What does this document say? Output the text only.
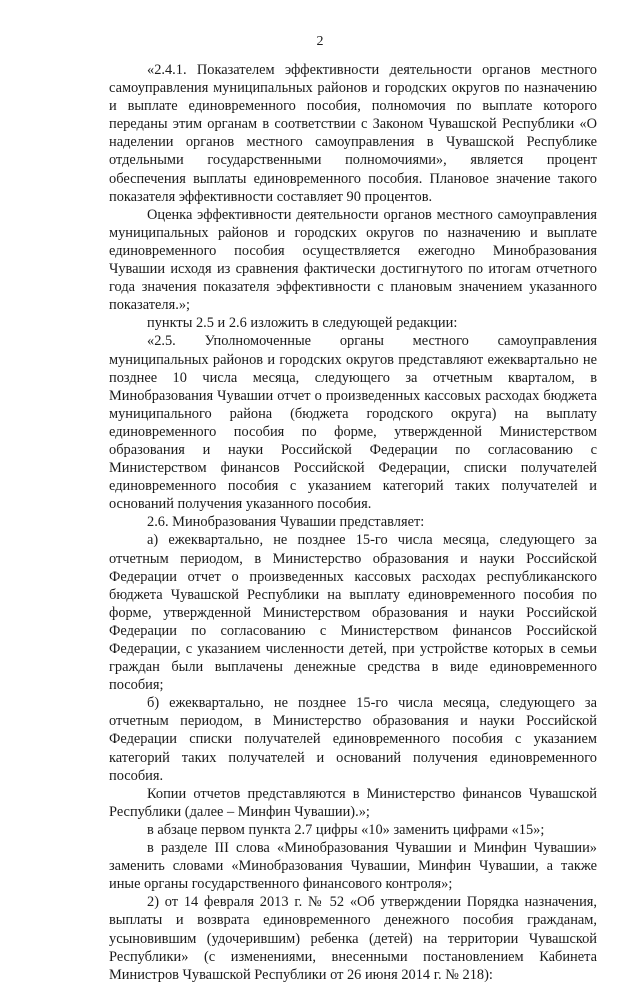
2

«2.4.1. Показателем эффективности деятельности органов местного самоуправления муниципальных районов и городских округов по назначению и выплате единовременного пособия, полномочия по выплате которого переданы этим органам в соответствии с Законом Чувашской Республики «О наделении органов местного самоуправления в Чувашской Республике отдельными государственными полномочиями», является процент обеспечения выплаты единовременного пособия. Плановое значение такого показателя эффективности составляет 90 процентов.

Оценка эффективности деятельности органов местного самоуправления муниципальных районов и городских округов по назначению и выплате единовременного пособия осуществляется ежегодно Минобразования Чувашии исходя из сравнения фактически достигнутого по итогам отчетного года значения показателя эффективности с плановым значением указанного показателя.»;

пункты 2.5 и 2.6 изложить в следующей редакции:

«2.5. Уполномоченные органы местного самоуправления муниципальных районов и городских округов представляют ежеквартально не позднее 10 числа месяца, следующего за отчетным кварталом, в Минобразования Чувашии отчет о произведенных кассовых расходах бюджета муниципального района (бюджета городского округа) на выплату единовременного пособия по форме, утвержденной Министерством образования и науки Российской Федерации по согласованию с Министерством финансов Российской Федерации, списки получателей единовременного пособия с указанием категорий таких получателей и оснований получения указанного пособия.

2.6. Минобразования Чувашии представляет:

а) ежеквартально, не позднее 15-го числа месяца, следующего за отчетным периодом, в Министерство образования и науки Российской Федерации отчет о произведенных кассовых расходах республиканского бюджета Чувашской Республики на выплату единовременного пособия по форме, утвержденной Министерством образования и науки Российской Федерации по согласованию с Министерством финансов Российской Федерации, с указанием численности детей, при устройстве которых в семьи граждан были выплачены денежные средства в виде единовременного пособия;

б) ежеквартально, не позднее 15-го числа месяца, следующего за отчетным периодом, в Министерство образования и науки Российской Федерации списки получателей единовременного пособия с указанием категорий таких получателей и оснований получения единовременного пособия.

Копии отчетов представляются в Министерство финансов Чувашской Республики (далее – Минфин Чувашии).»;

в абзаце первом пункта 2.7 цифры «10» заменить цифрами «15»;

в разделе III слова «Минобразования Чувашии и Минфин Чувашии» заменить словами «Минобразования Чувашии, Минфин Чувашии, а также иные органы государственного финансового контроля»;

2) от 14 февраля 2013 г. № 52 «Об утверждении Порядка назначения, выплаты и возврата единовременного денежного пособия гражданам, усыновившим (удочерившим) ребенка (детей) на территории Чувашской Республики» (с изменениями, внесенными постановлением Кабинета Министров Чувашской Республики от 26 июня 2014 г. № 218):
